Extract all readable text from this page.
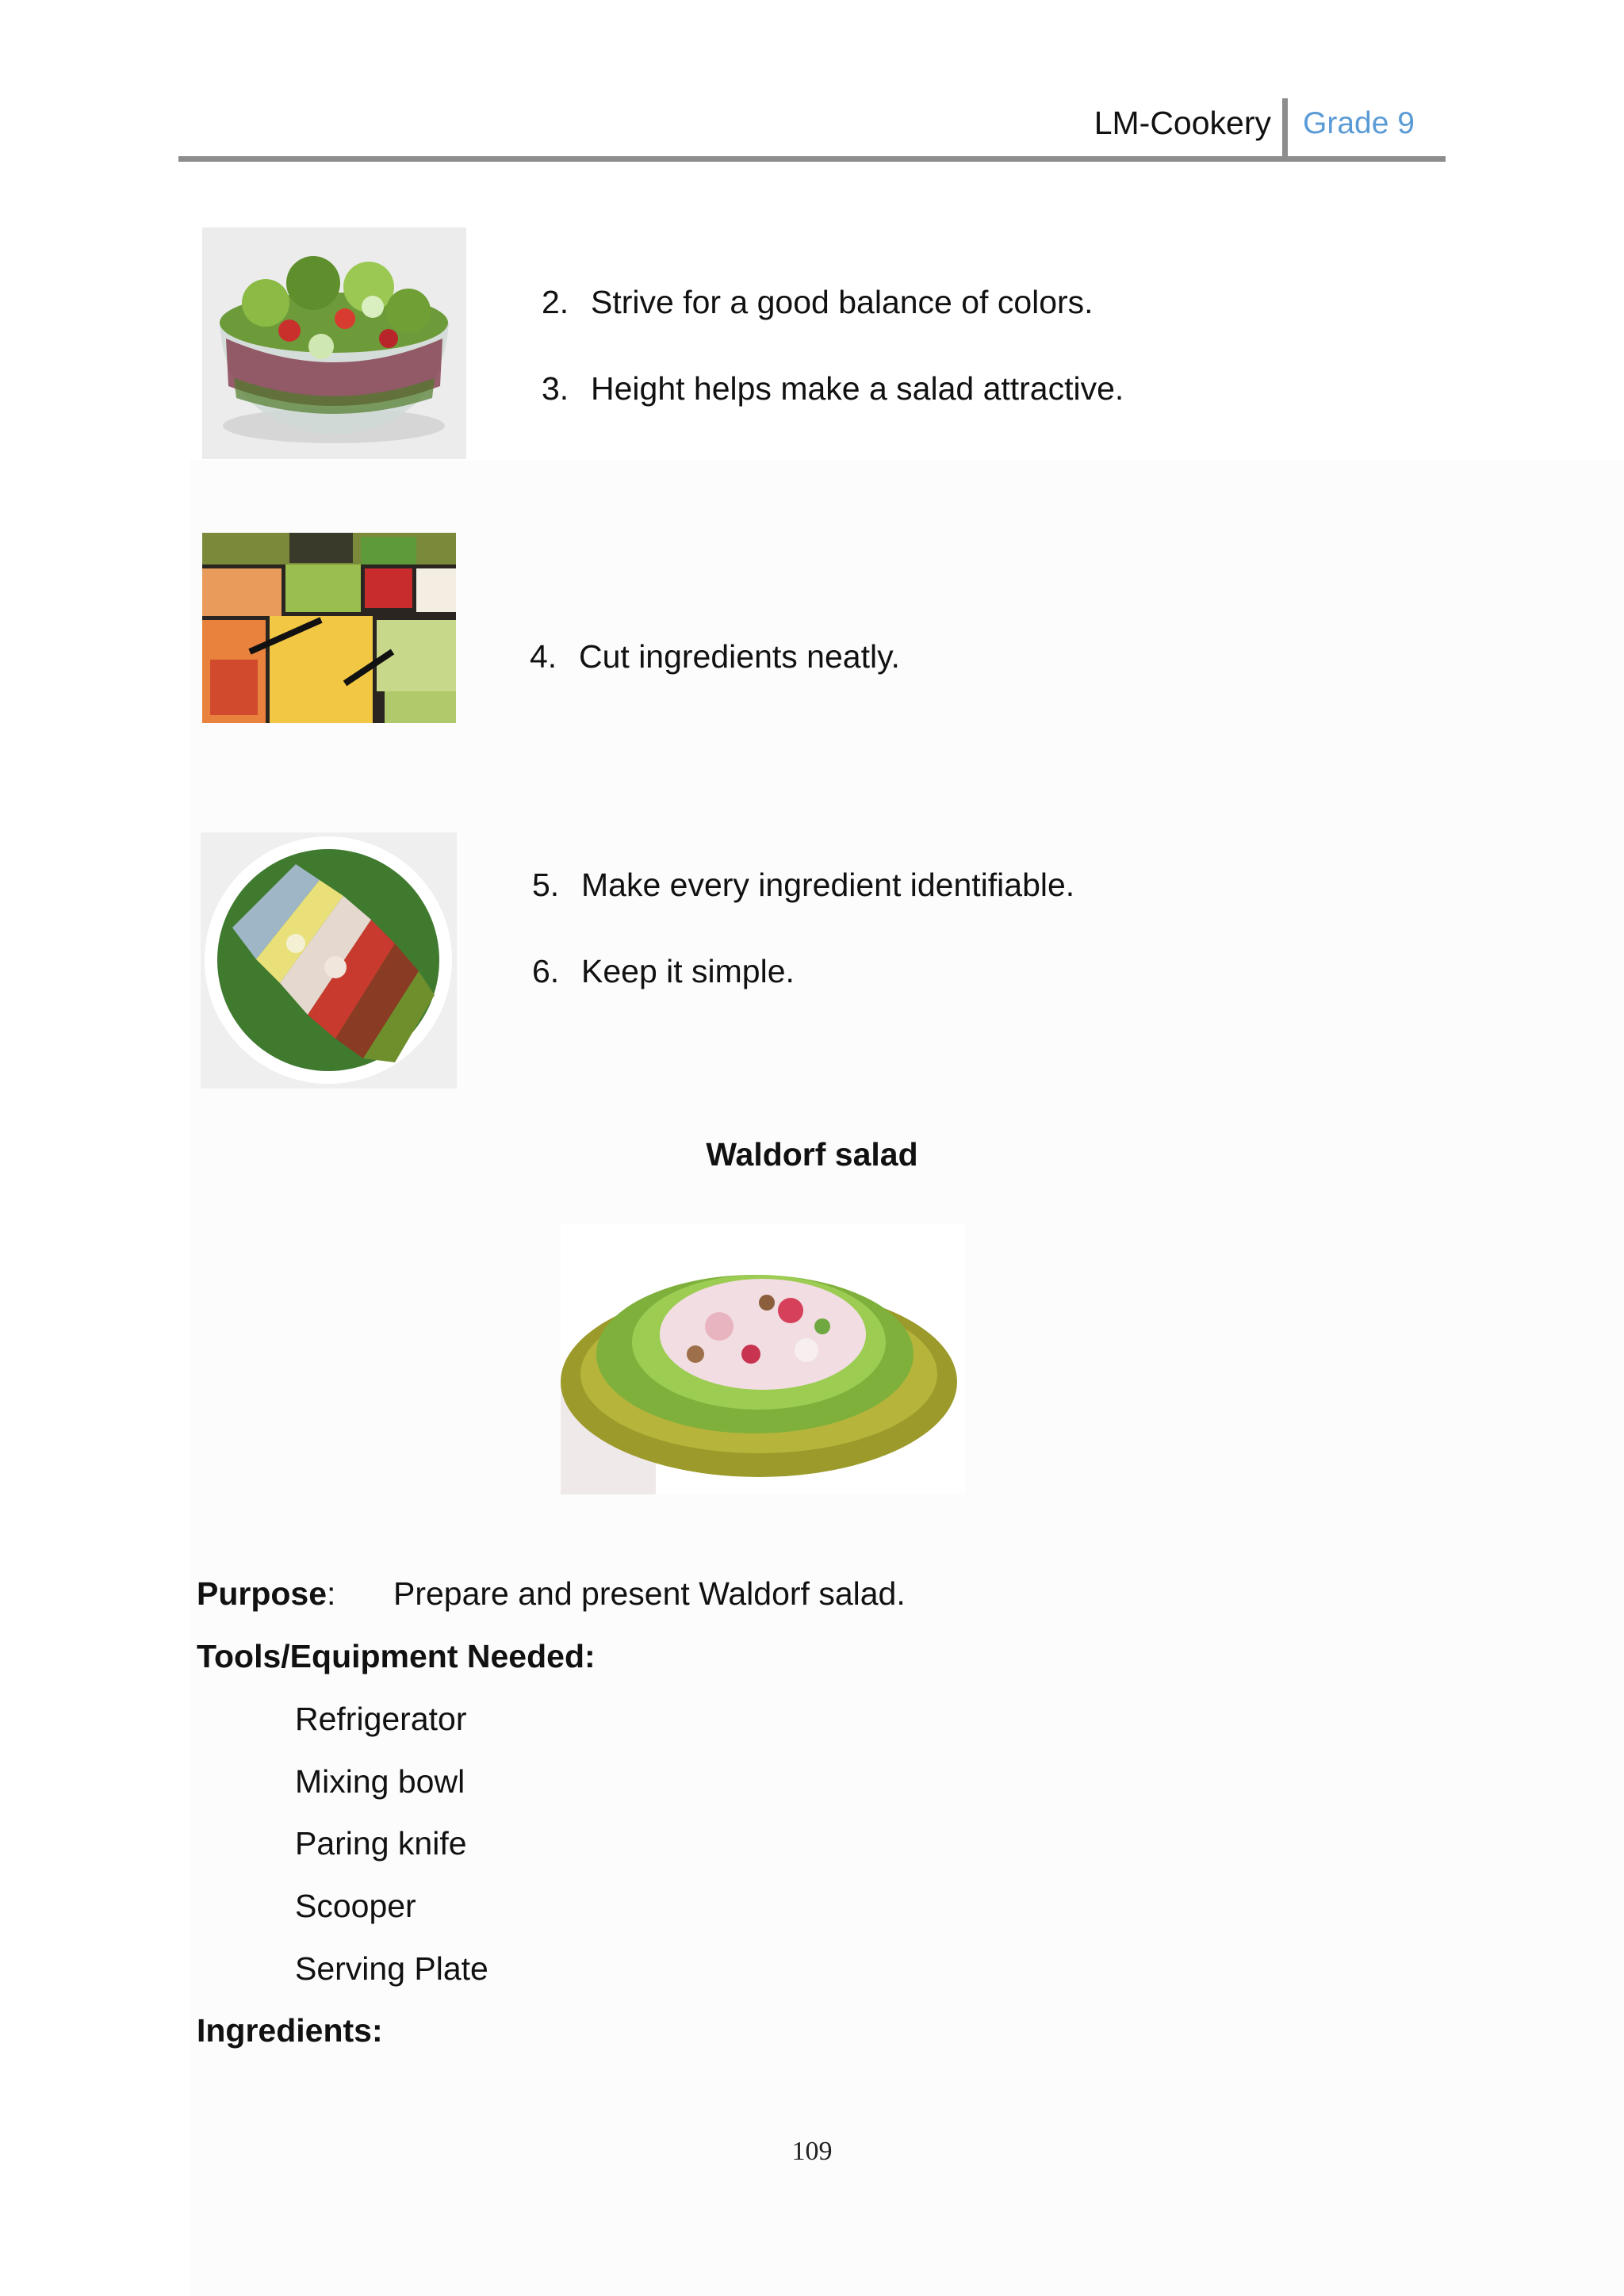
LM-Cookery Grade 9
2. Strive for a good balance of colors.
3. Height helps make a salad attractive.
4. Cut ingredients neatly.
5. Make every ingredient identifiable.
6. Keep it simple.
Waldorf salad
Purpose: Prepare and present Waldorf salad.
Tools/Equipment Needed:
Refrigerator
Mixing bowl
Paring knife
Scooper
Serving Plate
Ingredients:
109
